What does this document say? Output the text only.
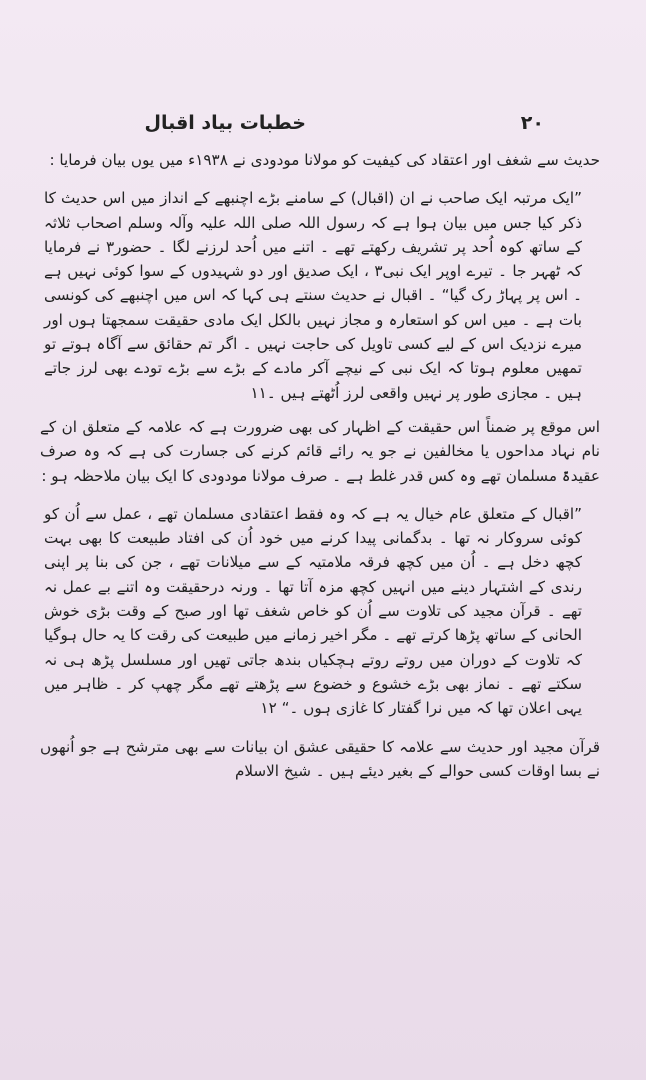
۲۰
خطبات بیاد اقبال

حدیث سے شغف اور اعتقاد کی کیفیت کو مولانا مودودی نے ۱۹۳۸ء میں یوں بیان فرمایا :

”ایک مرتبہ ایک صاحب نے ان (اقبال) کے سامنے بڑے اچنبھے کے انداز میں اس حدیث کا ذکر کیا جس میں بیان ہوا ہے کہ رسول اللہ صلی اللہ علیہ وآلہ وسلم اصحاب ثلاثہ کے ساتھ کوہ اُحد پر تشریف رکھتے تھے ۔ اتنے میں اُحد لرزنے لگا ۔ حضور۳ نے فرمایا کہ ٹھہر جا ۔ تیرے اوپر ایک نبی۳ ، ایک صدیق اور دو شہیدوں کے سوا کوئی نہیں ہے ۔ اس پر پہاڑ رک گیا“ ۔ اقبال نے حدیث سنتے ہی کہا کہ اس میں اچنبھے کی کونسی بات ہے ۔ میں اس کو استعارہ و مجاز نہیں بالکل ایک مادی حقیقت سمجھتا ہوں اور میرے نزدیک اس کے لیے کسی تاویل کی حاجت نہیں ۔ اگر تم حقائق سے آگاہ ہوتے تو تمھیں معلوم ہوتا کہ ایک نبی کے نیچے آکر مادے کے بڑے سے بڑے تودے بھی لرز جاتے ہیں ۔ مجازی طور پر نہیں واقعی لرز اُٹھتے ہیں ۔۱۱

اس موقع پر ضمناً اس حقیقت کے اظہار کی بھی ضرورت ہے کہ علامہ کے متعلق ان کے نام نہاد مداحوں یا مخالفین نے جو یہ رائے قائم کرنے کی جسارت کی ہے کہ وہ صرف عقیدۃً مسلمان تھے وہ کس قدر غلط ہے ۔ صرف مولانا مودودی کا ایک بیان ملاحظہ ہو :

”اقبال کے متعلق عام خیال یہ ہے کہ وہ فقط اعتقادی مسلمان تھے ، عمل سے اُن کو کوئی سروکار نہ تھا ۔ بدگمانی پیدا کرنے میں خود اُن کی افتاد طبیعت کا بھی بہت کچھ دخل ہے ۔ اُن میں کچھ فرقہ ملامتیہ کے سے میلانات تھے ، جن کی بنا پر اپنی رندی کے اشتہار دینے میں انہیں کچھ مزہ آتا تھا ۔ ورنہ درحقیقت وہ اتنے بے عمل نہ تھے ۔ قرآن مجید کی تلاوت سے اُن کو خاص شغف تھا اور صبح کے وقت بڑی خوش الحانی کے ساتھ پڑھا کرتے تھے ۔ مگر اخیر زمانے میں طبیعت کی رقت کا یہ حال ہوگیا کہ تلاوت کے دوران میں روتے روتے ہچکیاں بندھ جاتی تھیں اور مسلسل پڑھ ہی نہ سکتے تھے ۔ نماز بھی بڑے خشوع و خضوع سے پڑھتے تھے مگر چھپ کر ۔ ظاہر میں یہی اعلان تھا کہ میں نرا گفتار کا غازی ہوں ۔“ ۱۲

قرآن مجید اور حدیث سے علامہ کا حقیقی عشق ان بیانات سے بھی مترشح ہے جو اُنھوں نے بسا اوقات کسی حوالے کے بغیر دیئے ہیں ۔ شیخ الاسلام
